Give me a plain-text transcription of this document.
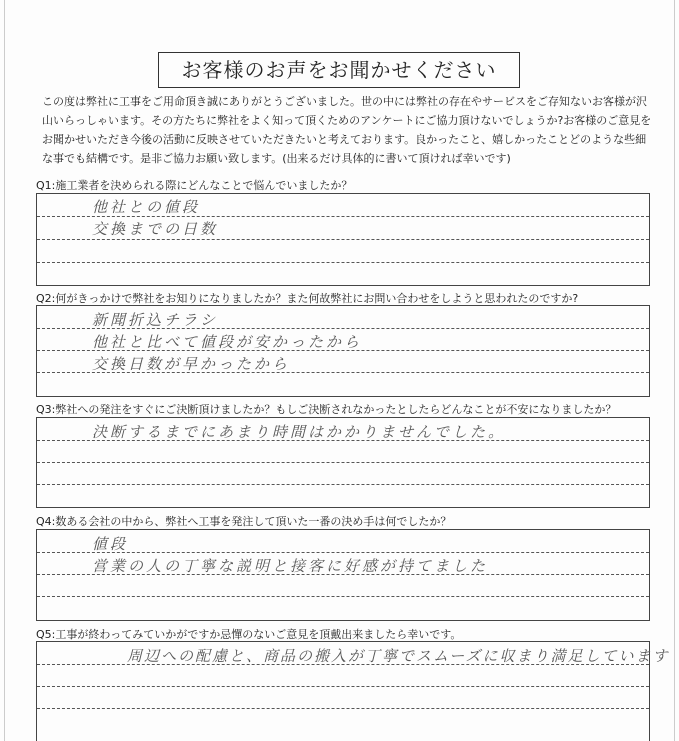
お客様のお声をお聞かせください
この度は弊社に工事をご用命頂き誠にありがとうございました。世の中には弊社の存在やサービスをご存知ないお客様が沢山いらっしゃいます。その方たちに弊社をよく知って頂くためのアンケートにご協力頂けないでしょうか?お客様のご意見をお聞かせいただき今後の活動に反映させていただきたいと考えております。良かったこと、嬉しかったことどのような些細な事でも結構です。是非ご協力お願い致します。(出来るだけ具体的に書いて頂ければ幸いです)
Q1:施工業者を決められる際にどんなことで悩んでいましたか？
他社との値段
交換までの日数
Q2:何がきっかけで弊社をお知りになりましたか？また何故弊社にお問い合わせをしようと思われたのですか?
新聞折込チラシ
他社と比べて値段が安かったから
交換日数が早かったから
Q3:弊社への発注をすぐにご決断頂けましたか？もしご決断されなかったとしたらどんなことが不安になりましたか？
決断するまでにあまり時間はかかりませんでした。
Q4:数ある会社の中から、弊社へ工事を発注して頂いた一番の決め手は何でしたか？
値段
営業の人の丁寧な説明と接客に好感が持てました
Q5:工事が終わってみていかがですか忌憚のないご意見を頂戴出来ましたら幸いです。
周辺への配慮と、商品の搬入が丁寧でスムーズに収まり満足しています
